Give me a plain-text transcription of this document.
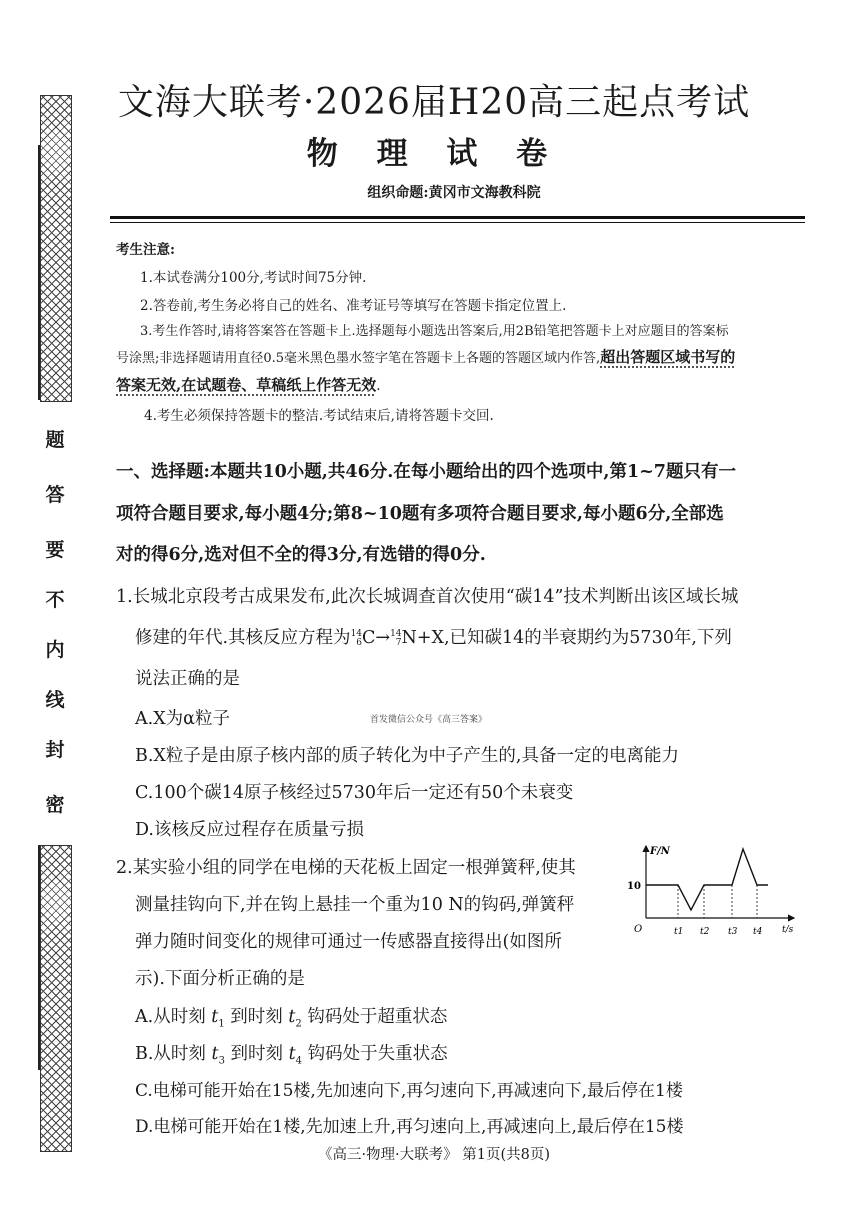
题
答
要
不
内
线
封
密
文海大联考·2026届H20高三起点考试
物 理 试 卷
组织命题:黄冈市文海教科院
考生注意:
1.本试卷满分100分,考试时间75分钟.
2.答卷前,考生务必将自己的姓名、准考证号等填写在答题卡指定位置上.
3.考生作答时,请将答案答在答题卡上.选择题每小题选出答案后,用2B铅笔把答题卡上对应题目的答案标
号涂黑;非选择题请用直径0.5毫米黑色墨水签字笔在答题卡上各题的答题区域内作答,超出答题区域书写的
答案无效,在试题卷、草稿纸上作答无效.
4.考生必须保持答题卡的整洁.考试结束后,请将答题卡交回.
一、选择题:本题共10小题,共46分.在每小题给出的四个选项中,第1~7题只有一
项符合题目要求,每小题4分;第8~10题有多项符合题目要求,每小题6分,全部选
对的得6分,选对但不全的得3分,有选错的得0分.
1.长城北京段考古成果发布,此次长城调查首次使用“碳14”技术判断出该区域长城
修建的年代.其核反应方程为14
6C→14
7N+X,已知碳14的半衰期约为5730年,下列
说法正确的是
A.X为α粒子	首发微信公众号《高三答案》
B.X粒子是由原子核内部的质子转化为中子产生的,具备一定的电离能力
C.100个碳14原子核经过5730年后一定还有50个未衰变
D.该核反应过程存在质量亏损
2.某实验小组的同学在电梯的天花板上固定一根弹簧秤,使其
测量挂钩向下,并在钩上悬挂一个重为10 N的钩码,弹簧秤
弹力随时间变化的规律可通过一传感器直接得出(如图所
示).下面分析正确的是
A.从时刻 $t_1$ 到时刻 $t_2$ 钩码处于超重状态
B.从时刻 $t_3$ 到时刻 $t_4$ 钩码处于失重状态
C.电梯可能开始在15楼,先加速向下,再匀速向下,再减速向下,最后停在1楼
D.电梯可能开始在1楼,先加速上升,再匀速向上,再减速向上,最后停在15楼
F/N
10
O	t/s
t1 t2 t3 t4
《高三·物理·大联考》 第1页(共8页)
